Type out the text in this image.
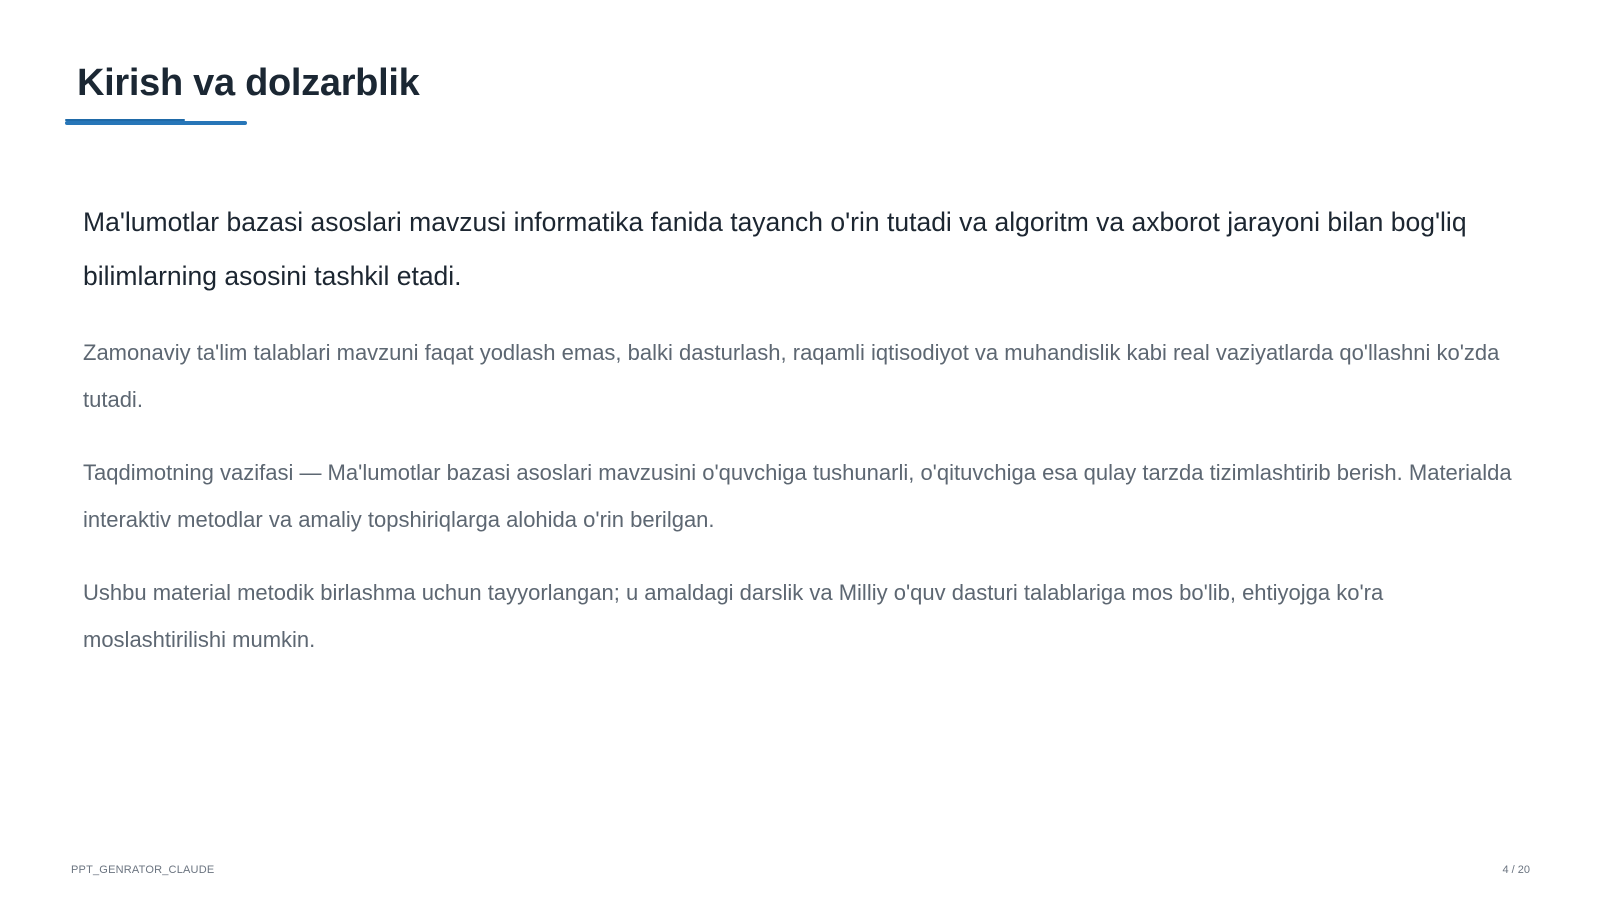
Kirish va dolzarblik

Ma'lumotlar bazasi asoslari mavzusi informatika fanida tayanch o'rin tutadi va algoritm va axborot jarayoni bilan bog'liq bilimlarning asosini tashkil etadi.

Zamonaviy ta'lim talablari mavzuni faqat yodlash emas, balki dasturlash, raqamli iqtisodiyot va muhandislik kabi real vaziyatlarda qo'llashni ko'zda tutadi.

Taqdimotning vazifasi — Ma'lumotlar bazasi asoslari mavzusini o'quvchiga tushunarli, o'qituvchiga esa qulay tarzda tizimlashtirib berish. Materialda interaktiv metodlar va amaliy topshiriqlarga alohida o'rin berilgan.

Ushbu material metodik birlashma uchun tayyorlangan; u amaldagi darslik va Milliy o'quv dasturi talablariga mos bo'lib, ehtiyojga ko'ra moslashtirilishi mumkin.

PPT_GENRATOR_CLAUDE	4 / 20
